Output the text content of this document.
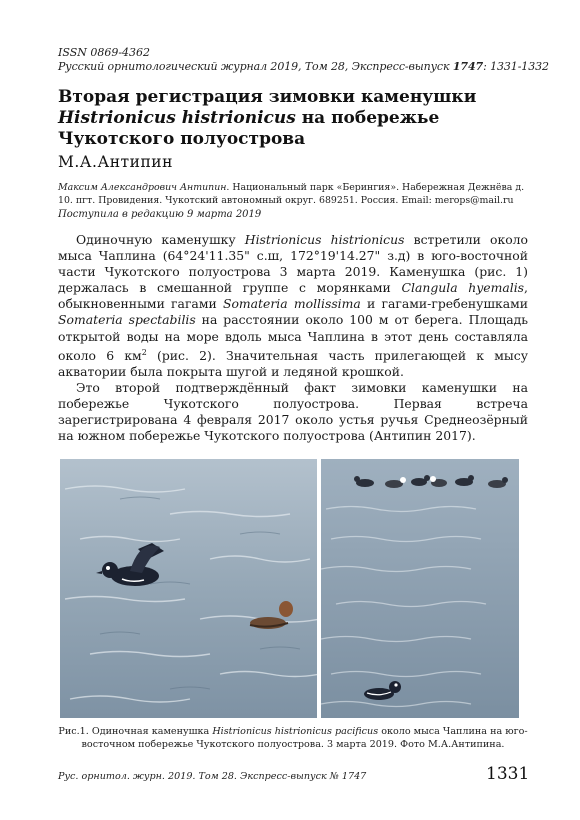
ISSN 0869-4362
Русский орнитологический журнал 2019, Том 28, Экспресс-выпуск 1747: 1331-1332
Вторая регистрация зимовки каменушки
Histrionicus histrionicus на побережье
Чукотского полуострова
М.А.Антипин
Максим Александрович Антипин. Национальный парк «Берингия». Набережная Дежнёва д. 10. пгт. Провидения. Чукотский автономный округ. 689251. Россия. Email: merops@mail.ru
Поступила в редакцию 9 марта 2019

Одиночную каменушку Histrionicus histrionicus встретили около мыса Чаплина (64°24'11.35" с.ш, 172°19'14.27" з.д) в юго-восточной части Чукотского полуострова 3 марта 2019. Каменушка (рис. 1) держалась в смешанной группе с морянками Clangula hyemalis, обыкновенными гагами Somateria mollissima и гагами-гребенушками Somateria spectabilis на расстоянии около 100 м от берега. Площадь открытой воды на море вдоль мыса Чаплина в этот день составляла около 6 $км^2$ (рис. 2). Значительная часть прилегающей к мысу акватории была покрыта шугой и ледяной крошкой.

Это второй подтверждённый факт зимовки каменушки на побережье Чукотского полуострова. Первая встреча зарегистрирована 4 февраля 2017 около устья ручья Среднеозёрный на южном побережье Чукотского полуострова (Антипин 2017).

Рис.1. Одиночная каменушка Histrionicus histrionicus pacificus около мыса Чаплина на юго-восточном побережье Чукотского полуострова. 3 марта 2019. Фото М.А.Антипина.
Рус. орнитол. журн. 2019. Том 28. Экспресс-выпуск № 1747	1331
